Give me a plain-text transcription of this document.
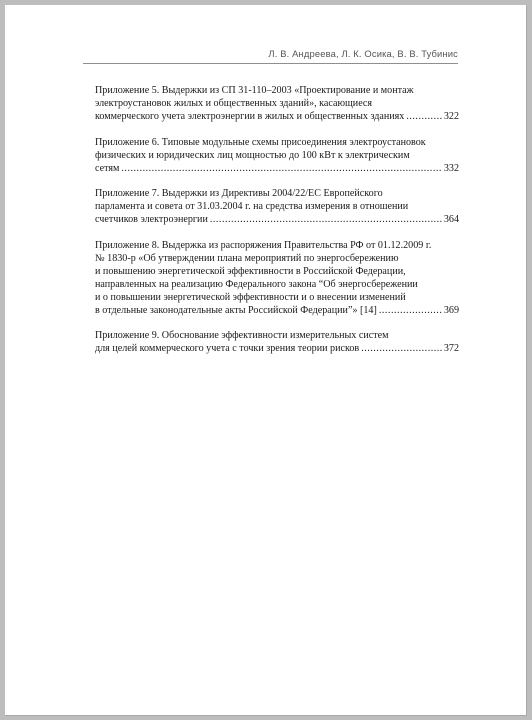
Л. В. Андреева, Л. К. Осика, В. В. Тубинис
Приложение 5. Выдержки из СП 31-110–2003 «Проектирование и монтаж
электроустановок жилых и общественных зданий», касающиеся
коммерческого учета электроэнергии в жилых и общественных зданиях .....	322
Приложение 6. Типовые модульные схемы присоединения электроустановок
физических и юридических лиц мощностью до 100 кВт к электрическим
сетям .....	332
Приложение 7. Выдержки из Директивы 2004/22/ЕС Европейского
парламента и совета от 31.03.2004 г. на средства измерения в отношении
счетчиков электроэнергии .....	364
Приложение 8. Выдержка из распоряжения Правительства РФ от 01.12.2009 г.
№ 1830-р «Об утверждении плана мероприятий по энергосбережению
и повышению энергетической эффективности в Российской Федерации,
направленных на реализацию Федерального закона “Об энергосбережении
и о повышении энергетической эффективности и о внесении изменений
в отдельные законодательные акты Российской Федерации”» [14] .....	369
Приложение 9. Обоснование эффективности измерительных систем
для целей коммерческого учета с точки зрения теории рисков .....	372
